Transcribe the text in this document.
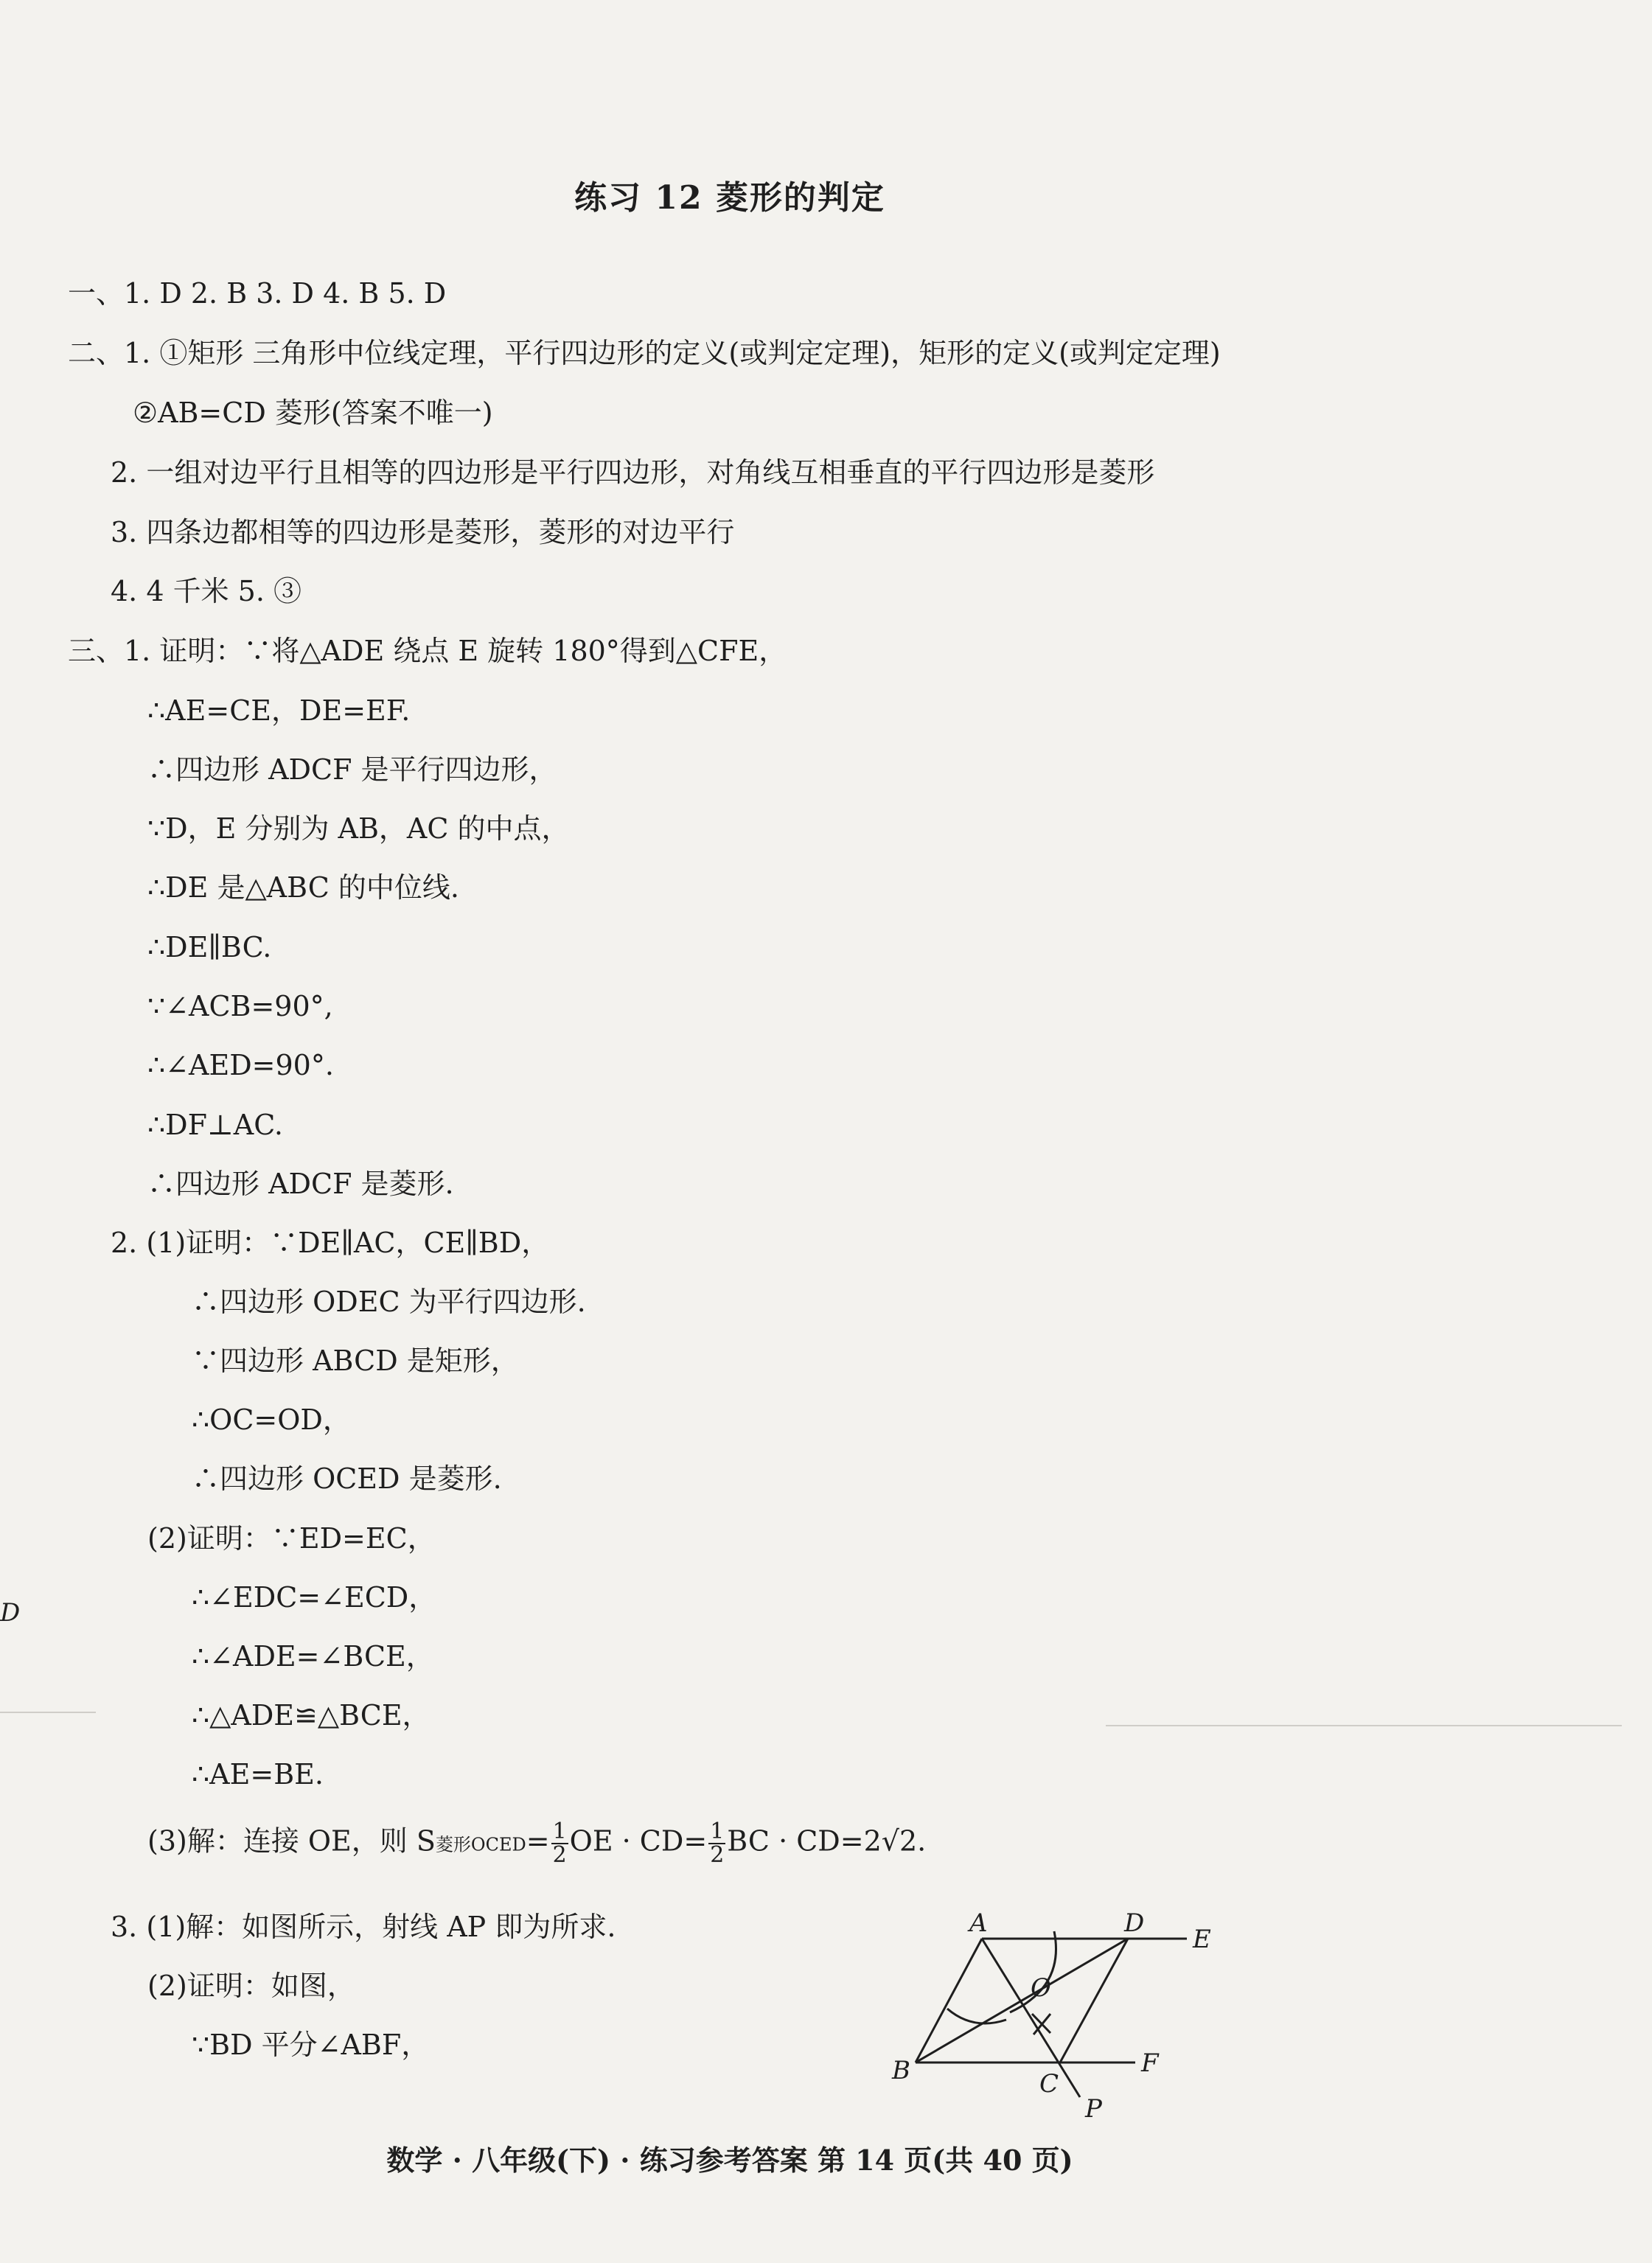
练习 12 菱形的判定
一、1. D 2. B 3. D 4. B 5. D
二、1. ①矩形 三角形中位线定理，平行四边形的定义(或判定定理)，矩形的定义(或判定定理)
②AB=CD 菱形(答案不唯一)
2. 一组对边平行且相等的四边形是平行四边形，对角线互相垂直的平行四边形是菱形
3. 四条边都相等的四边形是菱形，菱形的对边平行
4. 4 千米 5. ③
三、1. 证明：∵将△ADE 绕点 E 旋转 180°得到△CFE，
∴AE=CE，DE=EF.
∴四边形 ADCF 是平行四边形，
∵D，E 分别为 AB，AC 的中点，
∴DE 是△ABC 的中位线.
∴DE∥BC.
∵∠ACB=90°,
∴∠AED=90°.
∴DF⊥AC.
∴四边形 ADCF 是菱形.
2. (1)证明：∵DE∥AC，CE∥BD，
∴四边形 ODEC 为平行四边形.
∵四边形 ABCD 是矩形，
∴OC=OD，
∴四边形 OCED 是菱形.
(2)证明：∵ED=EC，
∴∠EDC=∠ECD，
∴∠ADE=∠BCE，
∴△ADE≌△BCE，
∴AE=BE.
(3)解：连接 OE，则 S菱形OCED= $\frac{1}{2}$ OE · $CD= \frac{1}{2}$ BC · CD=2√2.
3. (1)解：如图所示，射线 AP 即为所求.
(2)证明：如图，
∵BD 平分∠ABF，
D
A	D
E
O
B	C
F
P
数学 · 八年级(下) · 练习参考答案 第 14 页(共 40 页)
